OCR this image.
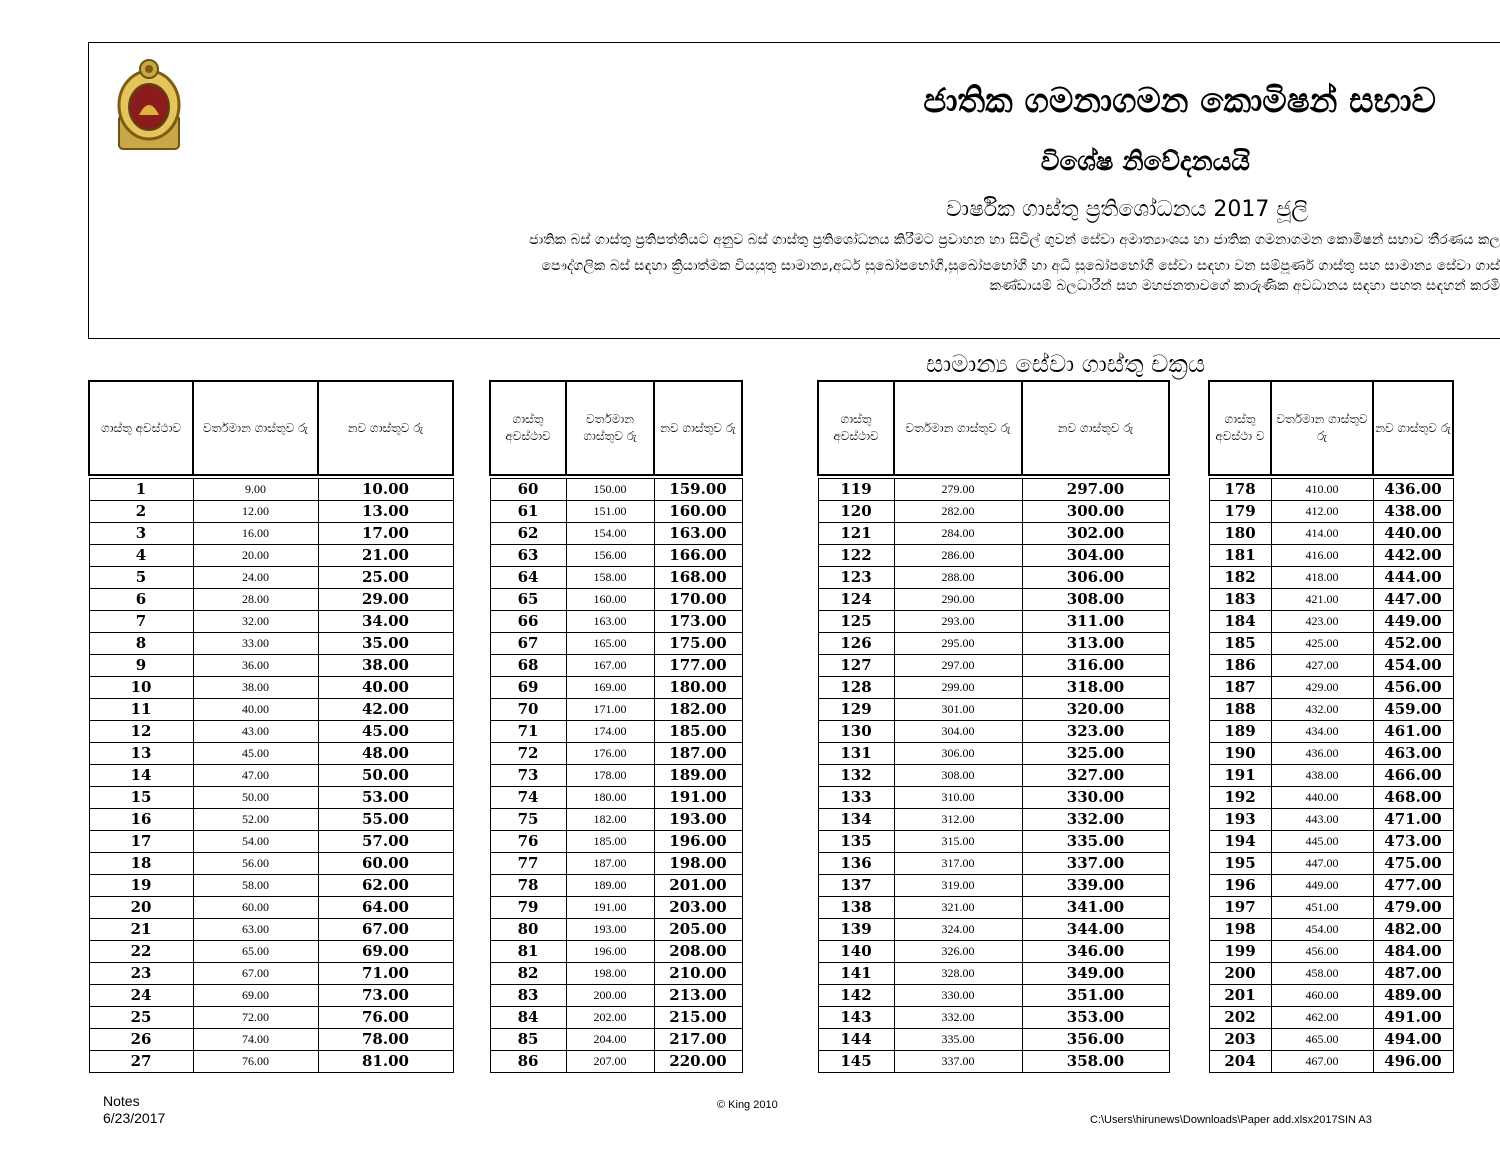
ජාතික ගමනාගමන කොමිෂන් සභාව
විශේෂ නිවේදනයයි
වාර්ෂික ගාස්තු ප්‍රතිශෝධනය 2017 ජූලි
ජාතික බස් ගාස්තු ප්‍රතිපත්තියට අනුව බස් ගාස්තු ප්‍රතිශෝධනය කිරීමට ප්‍රවාහන හා සිවිල් ගුවන් සේවා අමාත්‍යාංශය හා ජාතික ගමනාගමන කොමිෂන් සභාව තීරණය කල
පෞද්ගලික බස් සඳහා ක්‍රියාත්මක වියයුතු සාමාන්‍ය,අර්ධ සුඛෝපභෝගී,සුඛෝපභෝගී හා අධි සුඛෝපභෝගී සේවා සඳහා වන සම්පූර්ණ ගාස්තු සහ සාමාන්‍ය සේවා ගාස්
කණ්ඩායම් බලධාරීන් සහ මහජනතාවගේ කාරුණික අවධානය සඳහා පහත සඳහන් කරමි
සාමාන්‍ය සේවා ගාස්තු චක්‍රය
ගාස්තු අවස්ථාව	වර්තමාන ගාස්තුව රු	නව ගාස්තුව රු

1	9.00	10.00
2	12.00	13.00
3	16.00	17.00
4	20.00	21.00
5	24.00	25.00
6	28.00	29.00
7	32.00	34.00
8	33.00	35.00
9	36.00	38.00
10	38.00	40.00
11	40.00	42.00
12	43.00	45.00
13	45.00	48.00
14	47.00	50.00
15	50.00	53.00
16	52.00	55.00
17	54.00	57.00
18	56.00	60.00
19	58.00	62.00
20	60.00	64.00
21	63.00	67.00
22	65.00	69.00
23	67.00	71.00
24	69.00	73.00
25	72.00	76.00
26	74.00	78.00
27	76.00	81.00
ගාස්තු අවස්ථාව	වර්තමාන ගාස්තුව රු	නව ගාස්තුව රු

60	150.00	159.00
61	151.00	160.00
62	154.00	163.00
63	156.00	166.00
64	158.00	168.00
65	160.00	170.00
66	163.00	173.00
67	165.00	175.00
68	167.00	177.00
69	169.00	180.00
70	171.00	182.00
71	174.00	185.00
72	176.00	187.00
73	178.00	189.00
74	180.00	191.00
75	182.00	193.00
76	185.00	196.00
77	187.00	198.00
78	189.00	201.00
79	191.00	203.00
80	193.00	205.00
81	196.00	208.00
82	198.00	210.00
83	200.00	213.00
84	202.00	215.00
85	204.00	217.00
86	207.00	220.00
ගාස්තු අවස්ථාව	වර්තමාන ගාස්තුව රු	නව ගාස්තුව රු

119	279.00	297.00
120	282.00	300.00
121	284.00	302.00
122	286.00	304.00
123	288.00	306.00
124	290.00	308.00
125	293.00	311.00
126	295.00	313.00
127	297.00	316.00
128	299.00	318.00
129	301.00	320.00
130	304.00	323.00
131	306.00	325.00
132	308.00	327.00
133	310.00	330.00
134	312.00	332.00
135	315.00	335.00
136	317.00	337.00
137	319.00	339.00
138	321.00	341.00
139	324.00	344.00
140	326.00	346.00
141	328.00	349.00
142	330.00	351.00
143	332.00	353.00
144	335.00	356.00
145	337.00	358.00
ගාස්තු අවස්ථා ව	වර්තමාන ගාස්තුව රු	නව ගාස්තුව රු

178	410.00	436.00
179	412.00	438.00
180	414.00	440.00
181	416.00	442.00
182	418.00	444.00
183	421.00	447.00
184	423.00	449.00
185	425.00	452.00
186	427.00	454.00
187	429.00	456.00
188	432.00	459.00
189	434.00	461.00
190	436.00	463.00
191	438.00	466.00
192	440.00	468.00
193	443.00	471.00
194	445.00	473.00
195	447.00	475.00
196	449.00	477.00
197	451.00	479.00
198	454.00	482.00
199	456.00	484.00
200	458.00	487.00
201	460.00	489.00
202	462.00	491.00
203	465.00	494.00
204	467.00	496.00
Notes
6/23/2017
© King 2010
C:\Users\hirunews\Downloads\Paper add.xlsx2017SIN A3
